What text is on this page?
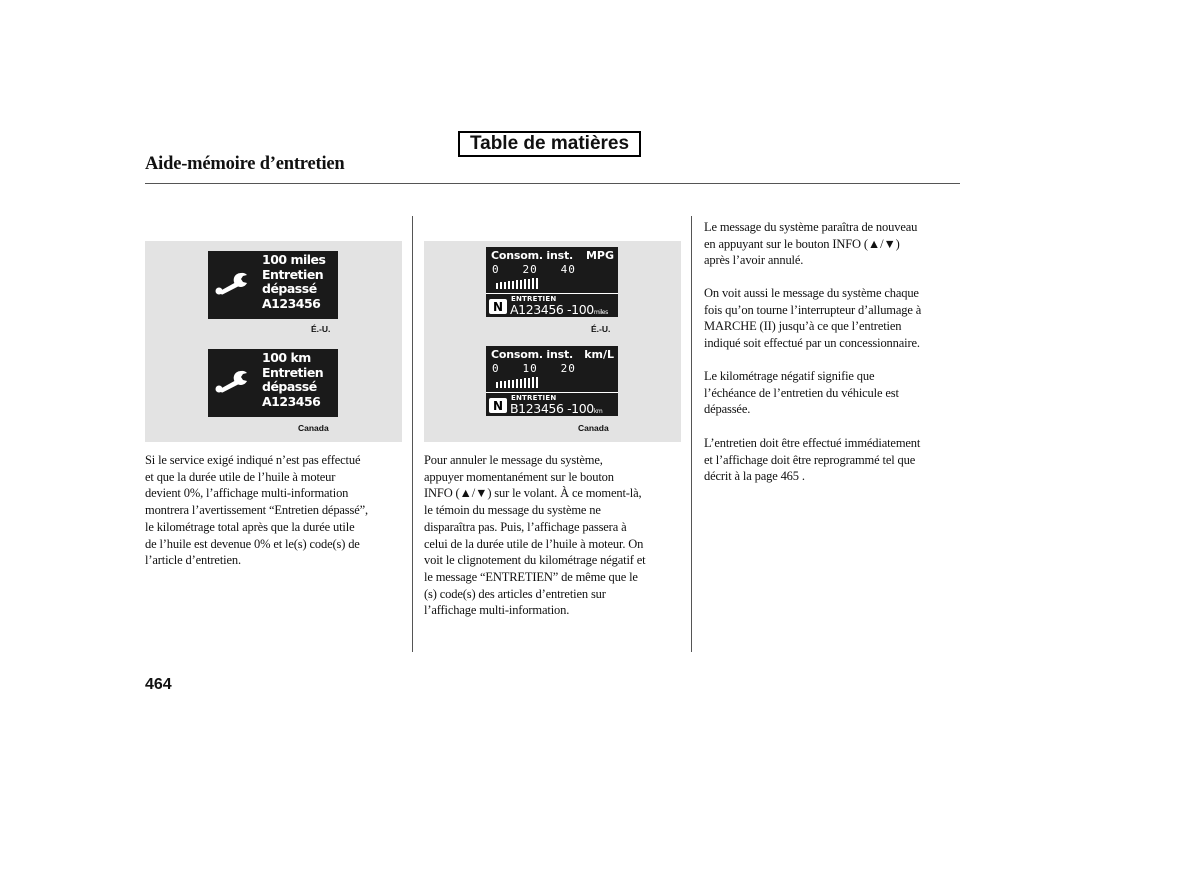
Table de matières
Aide-mémoire d’entretien
100 miles
Entretien
dépassé
A123456
É.-U.
100 km
Entretien
dépassé
A123456
Canada
Consom. inst. MPG
0   20   40
N
ENTRETIEN
A123456 -100miles
É.-U.
Consom. inst. km/L
0   10   20
N
ENTRETIEN
B123456 -100km
Canada

Si le service exigé indiqué n’est pas effectué

et que la durée utile de l’huile à moteur

devient 0%, l’affichage multi-information

montrera l’avertissement “Entretien dépassé”,

le kilométrage total après que la durée utile

de l’huile est devenue 0% et le(s) code(s) de

l’article d’entretien.

Pour annuler le message du système,

appuyer momentanément sur le bouton

INFO (▲/▼) sur le volant. À ce moment-là,

le témoin du message du système ne

disparaîtra pas. Puis, l’affichage passera à

celui de la durée utile de l’huile à moteur. On

voit le clignotement du kilométrage négatif et

le message “ENTRETIEN” de même que le

(s) code(s) des articles d’entretien sur

l’affichage multi-information.

Le message du système paraîtra de nouveau

en appuyant sur le bouton INFO (▲/▼)

après l’avoir annulé.

On voit aussi le message du système chaque

fois qu’on tourne l’interrupteur d’allumage à

MARCHE (II) jusqu’à ce que l’entretien

indiqué soit effectué par un concessionnaire.

Le kilométrage négatif signifie que

l’échéance de l’entretien du véhicule est

dépassée.

L’entretien doit être effectué immédiatement

et l’affichage doit être reprogrammé tel que

décrit à la page 465 .

464
